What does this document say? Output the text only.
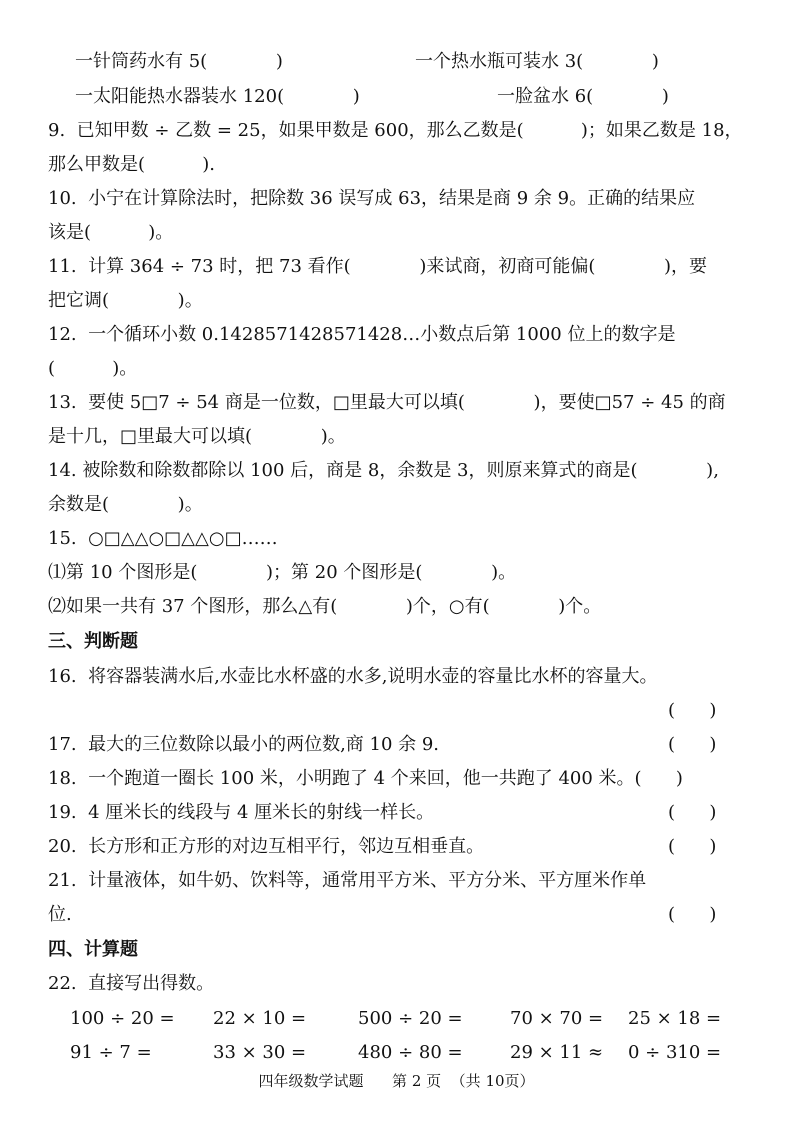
一针筒药水有 5(            )	一个热水瓶可装水 3(            )
一太阳能热水器装水 120(            )	一脸盆水 6(            )
9.  已知甲数 ÷ 乙数 = 25，如果甲数是 600，那么乙数是(          )；如果乙数是 18，
那么甲数是(          ).
10.  小宁在计算除法时，把除数 36 误写成 63，结果是商 9 余 9。正确的结果应
该是(          )。
11.  计算 364 ÷ 73 时，把 73 看作(            )来试商，初商可能偏(            )，要
把它调(            )。
12.  一个循环小数 0.1428571428571428…小数点后第 1000 位上的数字是
(          )。
13.  要使 5□7 ÷ 54 商是一位数，□里最大可以填(            )，要使□57 ÷ 45 的商
是十几，□里最大可以填(            )。
14. 被除数和除数都除以 100 后，商是 8，余数是 3，则原来算式的商是(            ),
余数是(            )。
15.  ○□△△○□△△○□……
⑴第 10 个图形是(            )；第 20 个图形是(            )。
⑵如果一共有 37 个图形，那么△有(            )个，○有(            )个。
三、判断题
16.  将容器装满水后,水壶比水杯盛的水多,说明水壶的容量比水杯的容量大。
(      )
17.  最大的三位数除以最小的两位数,商 10 余 9.	(      )
18.  一个跑道一圈长 100 米，小明跑了 4 个来回，他一共跑了 400 米。(      )
19.  4 厘米长的线段与 4 厘米长的射线一样长。	(      )
20.  长方形和正方形的对边互相平行，邻边互相垂直。	(      )
21.  计量液体，如牛奶、饮料等，通常用平方米、平方分米、平方厘米作单
位.	(      )
四、计算题
22.  直接写出得数。
100 ÷ 20 = 22 × 10 =	500 ÷ 20 =	70 × 70 = 25 × 18 =
91 ÷ 7 =	33 × 30 =	480 ÷ 80 =	29 × 11 ≈ 0 ÷ 310 =
四年级数学试题      第 2 页  （共 10页）
